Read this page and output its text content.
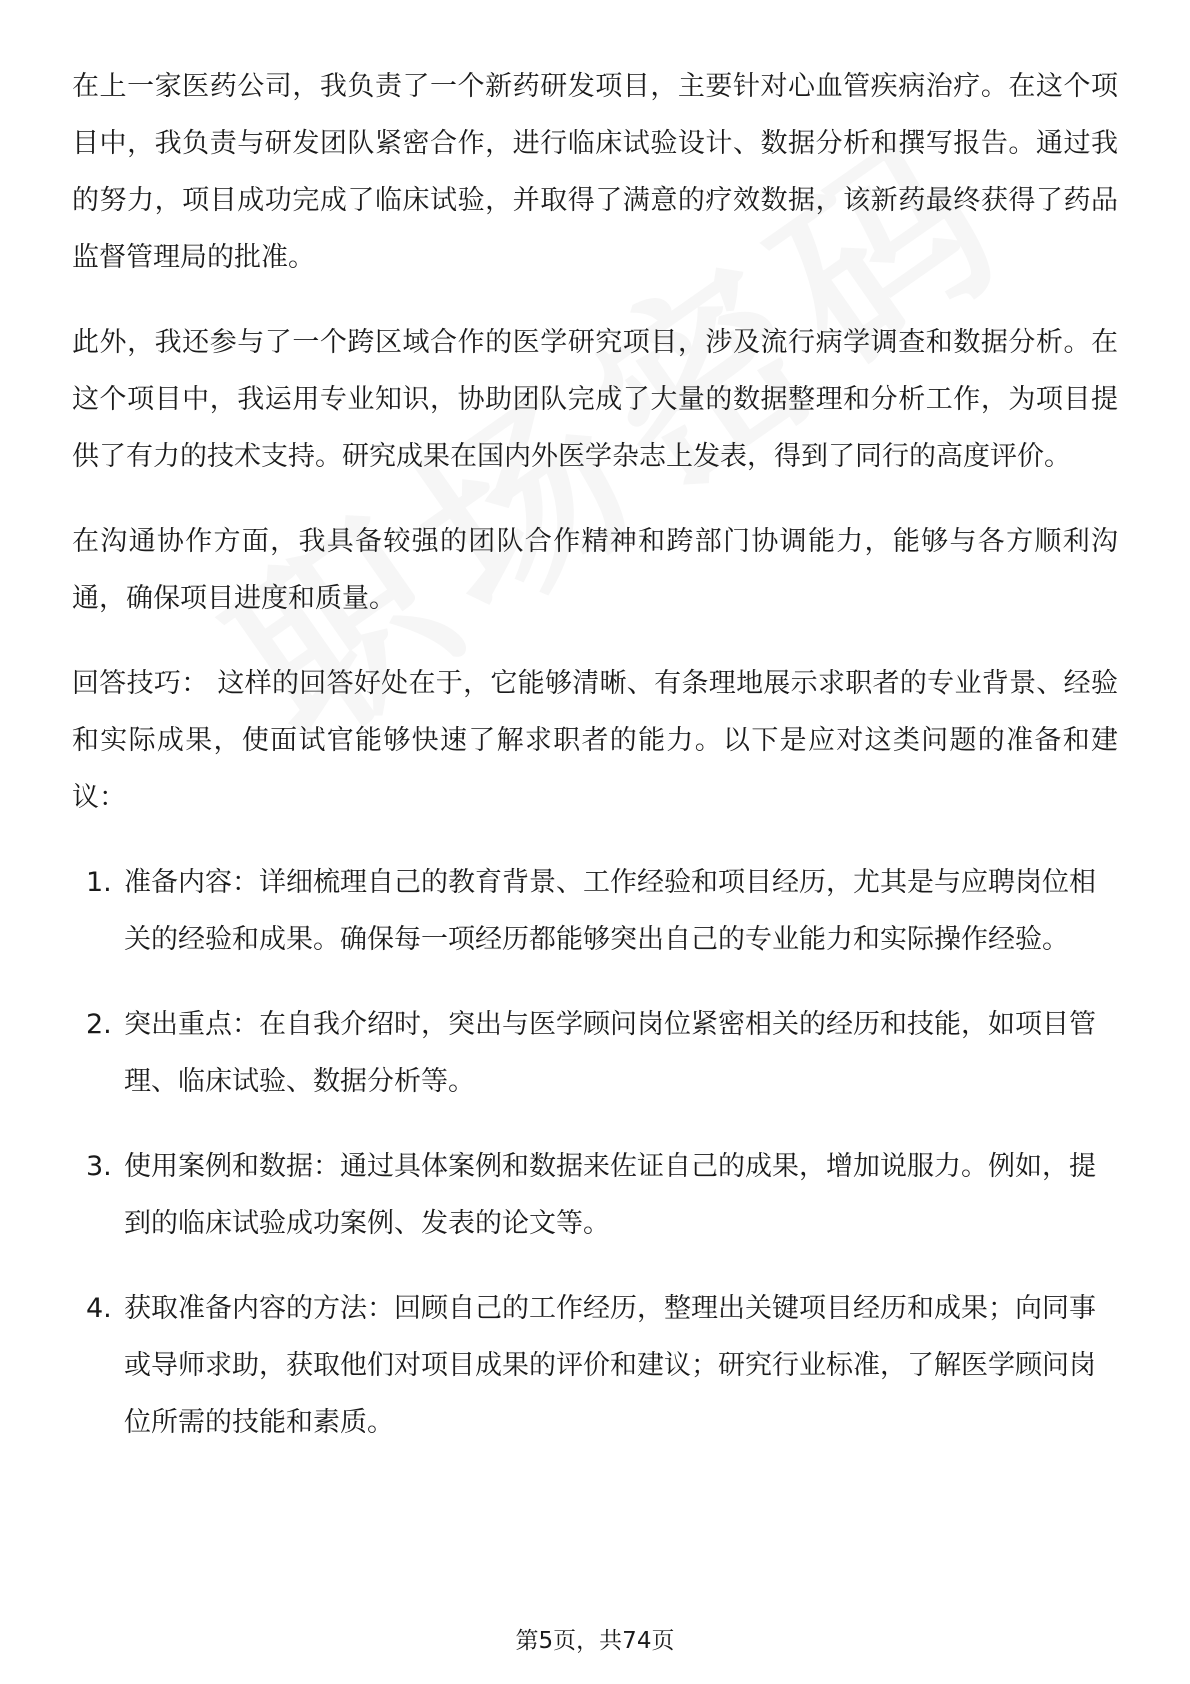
在上一家医药公司，我负责了一个新药研发项目，主要针对心血管疾病治疗。在这个项目中，我负责与研发团队紧密合作，进行临床试验设计、数据分析和撰写报告。通过我的努力，项目成功完成了临床试验，并取得了满意的疗效数据，该新药最终获得了药品监督管理局的批准。

此外，我还参与了一个跨区域合作的医学研究项目，涉及流行病学调查和数据分析。在这个项目中，我运用专业知识，协助团队完成了大量的数据整理和分析工作，为项目提供了有力的技术支持。研究成果在国内外医学杂志上发表，得到了同行的高度评价。

在沟通协作方面，我具备较强的团队合作精神和跨部门协调能力，能够与各方顺利沟通，确保项目进度和质量。

回答技巧： 这样的回答好处在于，它能够清晰、有条理地展示求职者的专业背景、经验和实际成果，使面试官能够快速了解求职者的能力。以下是应对这类问题的准备和建议：

1. 准备内容：详细梳理自己的教育背景、工作经验和项目经历，尤其是与应聘岗位相关的经验和成果。确保每一项经历都能够突出自己的专业能力和实际操作经验。
2. 突出重点：在自我介绍时，突出与医学顾问岗位紧密相关的经历和技能，如项目管理、临床试验、数据分析等。
3. 使用案例和数据：通过具体案例和数据来佐证自己的成果，增加说服力。例如，提到的临床试验成功案例、发表的论文等。
4. 获取准备内容的方法：回顾自己的工作经历，整理出关键项目经历和成果；向同事或导师求助，获取他们对项目成果的评价和建议；研究行业标准，了解医学顾问岗位所需的技能和素质。
第5页，共74页
